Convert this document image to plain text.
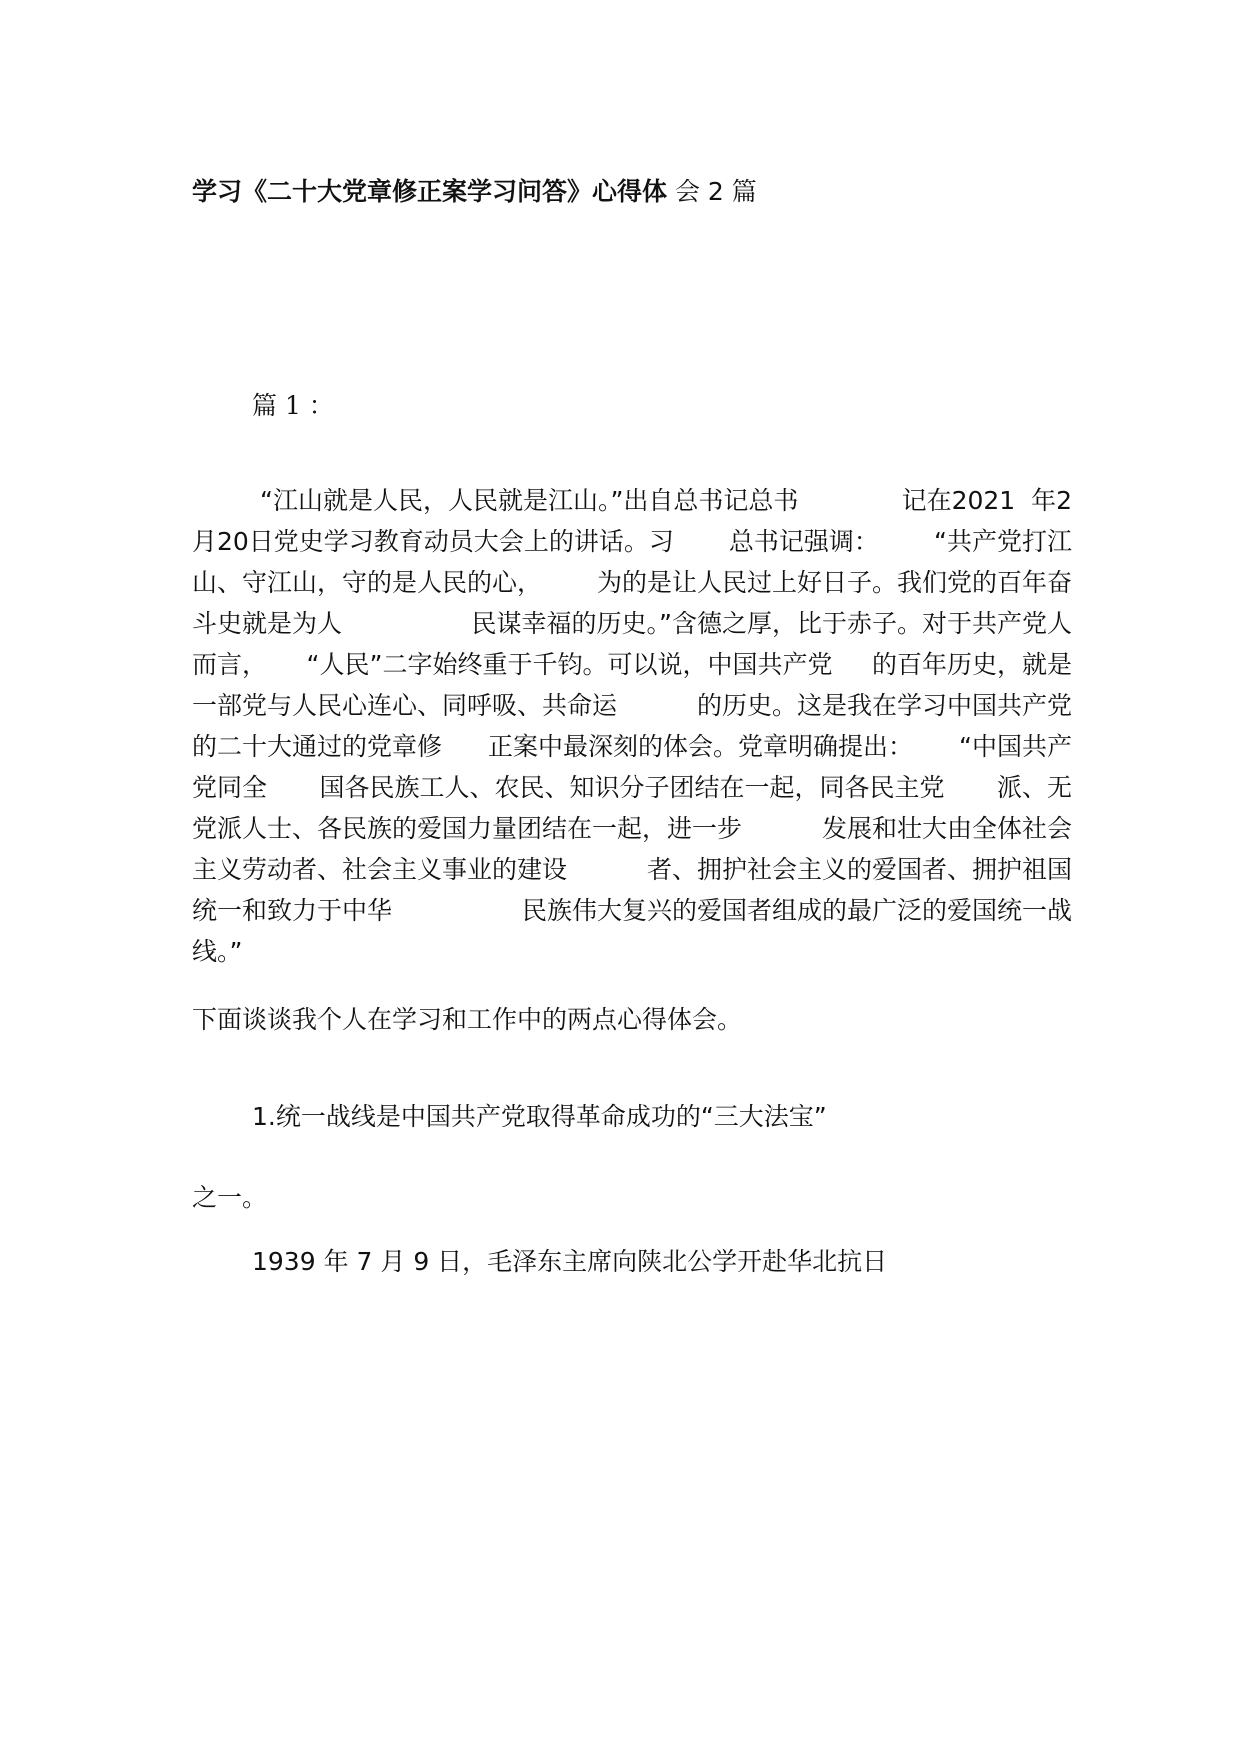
学习《二十大党章修正案学习问答》心得体 会 2 篇
篇 1 ：
“江山就是人民，人民就是江山。”出自总书记总书	记在2021  年2
月20日党史学习教育动员大会上的讲话。习 总书记强调： “共产党打江
山、守江山，守的是人民的心， 为的是让人民过上好日子。我们党的百年奋
斗史就是为人	民谋幸福的历史。”含德之厚，比于赤子。对于共产党人
而言， “人民”二字始终重于千钧。可以说，中国共产党 的百年历史，就是
一部党与人民心连心、同呼吸、共命运	的历史。这是我在学习中国共产党
的二十大通过的党章修 正案中最深刻的体会。党章明确提出： “中国共产
党同全 国各民族工人、农民、知识分子团结在一起，同各民主党 派、无
党派人士、各民族的爱国力量团结在一起，进一步	发展和壮大由全体社会
主义劳动者、社会主义事业的建设	者、拥护社会主义的爱国者、拥护祖国
统一和致力于中华	民族伟大复兴的爱国者组成的最广泛的爱国统一战
线。”
下面谈谈我个人在学习和工作中的两点心得体会。
1.统一战线是中国共产党取得革命成功的“三大法宝”
之一。
1939 年 7 月 9 日，毛泽东主席向陕北公学开赴华北抗日
